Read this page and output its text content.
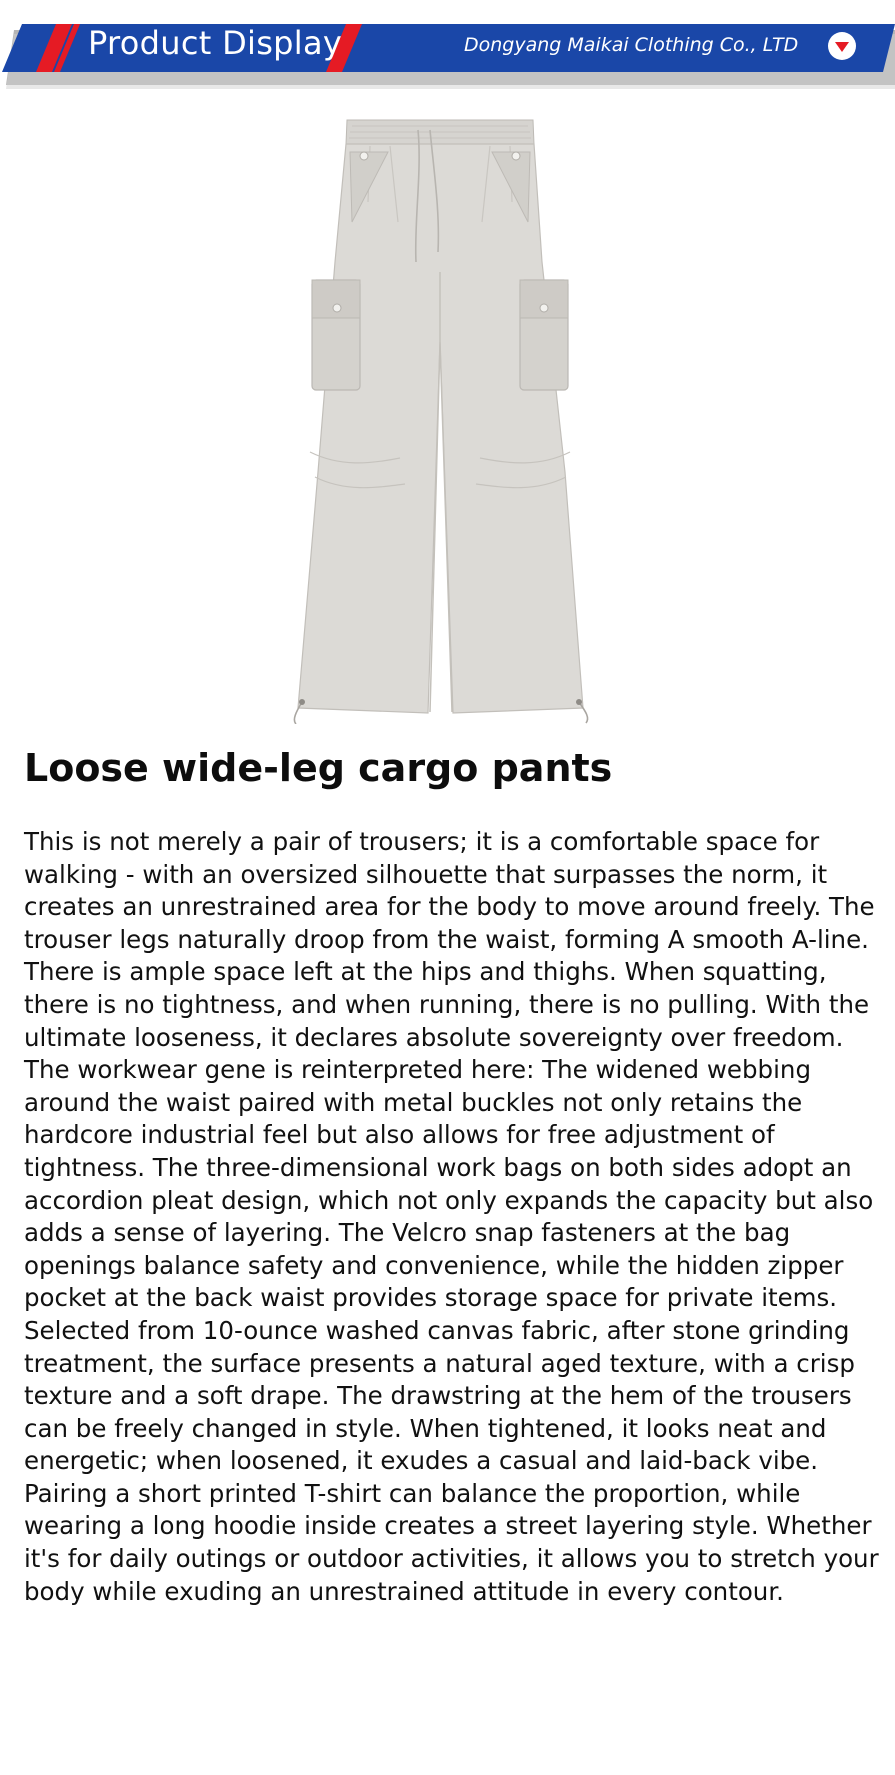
Product Display	Dongyang Maikai Clothing Co., LTD
Loose wide-leg cargo pants

This is not merely a pair of trousers; it is a comfortable space for walking - with an oversized silhouette that surpasses the norm, it creates an unrestrained area for the body to move around freely. The trouser legs naturally droop from the waist, forming A smooth A-line. There is ample space left at the hips and thighs. When squatting, there is no tightness, and when running, there is no pulling. With the ultimate looseness, it declares absolute sovereignty over freedom. The workwear gene is reinterpreted here: The widened webbing around the waist paired with metal buckles not only retains the hardcore industrial feel but also allows for free adjustment of tightness. The three-dimensional work bags on both sides adopt an accordion pleat design, which not only expands the capacity but also adds a sense of layering. The Velcro snap fasteners at the bag openings balance safety and convenience, while the hidden zipper pocket at the back waist provides storage space for private items. Selected from 10-ounce washed canvas fabric, after stone grinding treatment, the surface presents a natural aged texture, with a crisp texture and a soft drape. The drawstring at the hem of the trousers can be freely changed in style. When tightened, it looks neat and energetic; when loosened, it exudes a casual and laid-back vibe. Pairing a short printed T-shirt can balance the proportion, while wearing a long hoodie inside creates a street layering style. Whether it's for daily outings or outdoor activities, it allows you to stretch your body while exuding an unrestrained attitude in every contour.
